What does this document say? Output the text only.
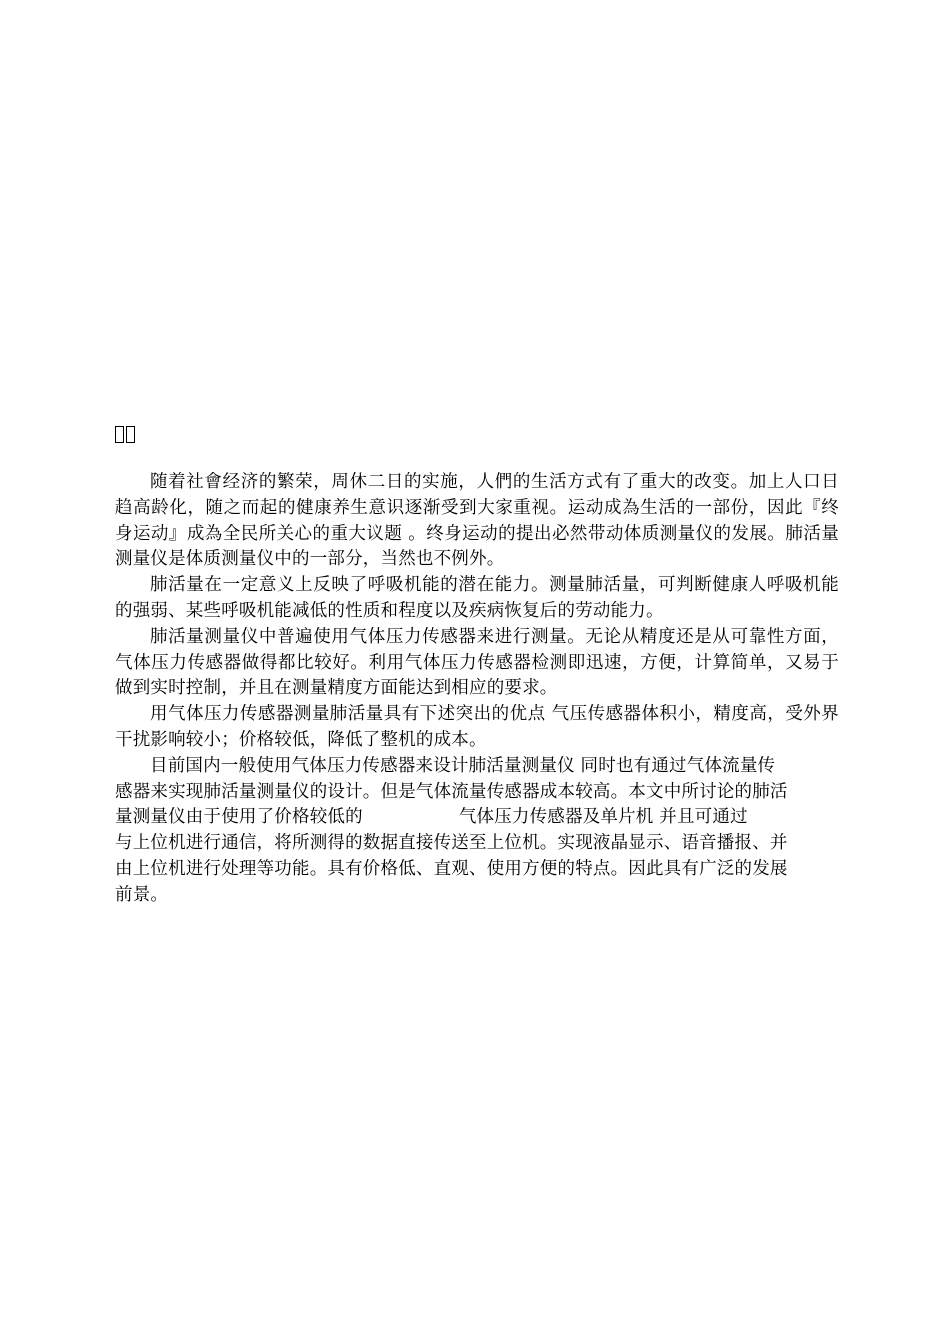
随着社會经济的繁荣，周休二日的实施，人們的生活方式有了重大的改变。加上人口日趋高龄化，随之而起的健康养生意识逐渐受到大家重视。运动成為生活的一部份，因此『终身运动』成為全民所关心的重大议题 。终身运动的提出必然带动体质测量仪的发展。肺活量测量仪是体质测量仪中的一部分，当然也不例外。

肺活量在一定意义上反映了呼吸机能的潜在能力。测量肺活量，可判断健康人呼吸机能的强弱、某些呼吸机能减低的性质和程度以及疾病恢复后的劳动能力。

肺活量测量仪中普遍使用气体压力传感器来进行测量。无论从精度还是从可靠性方面，气体压力传感器做得都比较好。利用气体压力传感器检测即迅速，方便，计算简单，又易于做到实时控制，并且在测量精度方面能达到相应的要求。

用气体压力传感器测量肺活量具有下述突出的优点 气压传感器体积小，精度高，受外界干扰影响较小；价格较低，降低了整机的成本。

目前国内一般使用气体压力传感器来设计肺活量测量仪 同时也有通过气体流量传
感器来实现肺活量测量仪的设计。但是气体流量传感器成本较高。本文中所讨论的肺活
量测量仪由于使用了价格较低的	气体压力传感器及单片机 并且可通过
与上位机进行通信，将所测得的数据直接传送至上位机。实现液晶显示、语音播报、并
由上位机进行处理等功能。具有价格低、直观、使用方便的特点。因此具有广泛的发展
前景。
